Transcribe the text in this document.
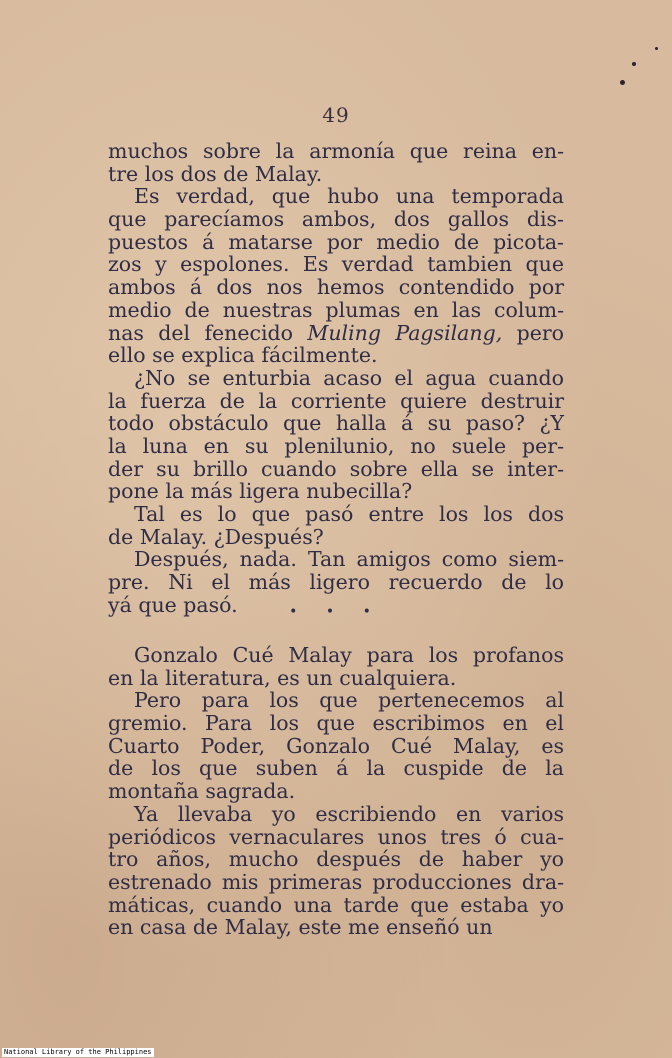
49
muchos sobre la armonía que reina en-
tre los dos de Malay.
Es verdad, que hubo una temporada
que parecíamos ambos, dos gallos dis-
puestos á matarse por medio de picota-
zos y espolones. Es verdad tambien que
ambos á dos nos hemos contendido por
medio de nuestras plumas en las colum-
nas del fenecido Muling Pagsilang, pero
ello se explica fácilmente.
¿No se enturbia acaso el agua cuando
la fuerza de la corriente quiere destruir
todo obstáculo que halla á su paso? ¿Y
la luna en su plenilunio, no suele per-
der su brillo cuando sobre ella se inter-
pone la más ligera nubecilla?
Tal es lo que pasó entre los los dos
de Malay. ¿Después?
Después, nada. Tan amigos como siem-
pre. Ni el más ligero recuerdo de lo
yá que pasó.	• • •
Gonzalo Cué Malay para los profanos
en la literatura, es un cualquiera.
Pero para los que pertenecemos al
gremio. Para los que escribimos en el
Cuarto Poder, Gonzalo Cué Malay, es
de los que suben á la cuspide de la
montaña sagrada.
Ya llevaba yo escribiendo en varios
periódicos vernaculares unos tres ó cua-
tro años, mucho después de haber yo
estrenado mis primeras producciones dra-
máticas, cuando una tarde que estaba yo
en casa de Malay, este me enseñó un
National Library of the Philippines
